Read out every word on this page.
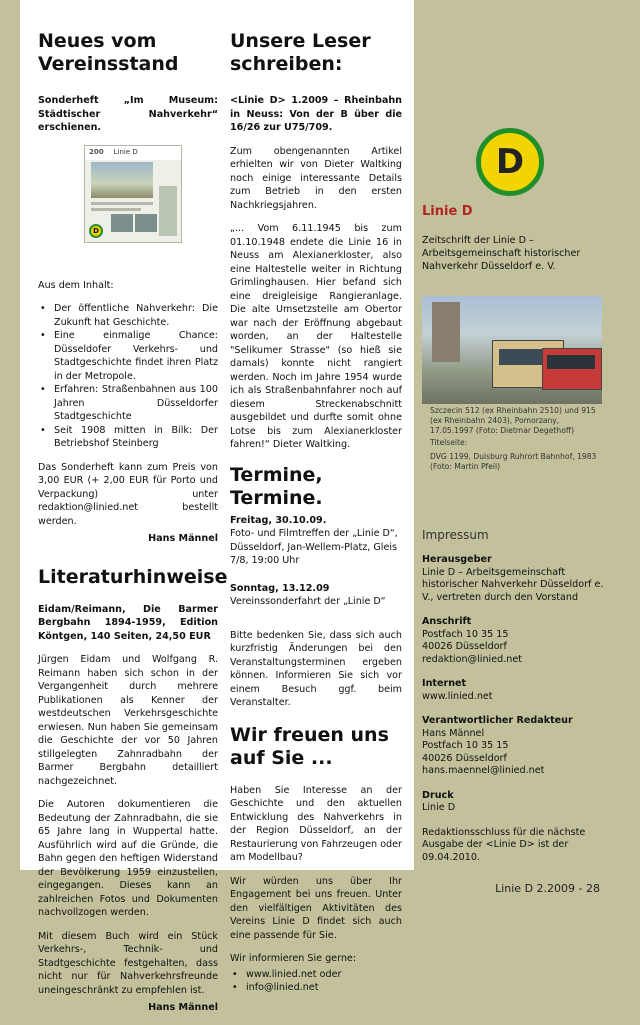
Neues vom Vereinsstand

Sonderheft „Im Museum: Städtischer Nahverkehr“ erschienen.

200 Linie D
D

Aus dem Inhalt:

• Der öffentliche Nahverkehr: Die Zukunft hat Geschichte.
• Eine einmalige Chance: Düsseldofer Verkehrs- und Stadtgeschichte findet ihren Platz in der Metropole.
• Erfahren: Straßenbahnen aus 100 Jahren Düsseldorfer Stadtgeschichte
• Seit 1908 mitten in Bilk: Der Betriebshof Steinberg

Das Sonderheft kann zum Preis von 3,00 EUR (+ 2,00 EUR für Porto und Verpackung) unter redaktion@linied.net bestellt werden.

Hans Männel

Literaturhinweise

Eidam/Reimann, Die Barmer Bergbahn 1894-1959, Edition Köntgen, 140 Seiten, 24,50 EUR

Jürgen Eidam und Wolfgang R. Reimann haben sich schon in der Vergangenheit durch mehrere Publikationen als Kenner der westdeutschen Verkehrsgeschichte erwiesen. Nun haben Sie gemeinsam die Geschichte der vor 50 Jahren stillgelegten Zahnradbahn der Barmer Bergbahn detailliert nachgezeichnet.

Die Autoren dokumentieren die Bedeutung der Zahnradbahn, die sie 65 Jahre lang in Wuppertal hatte. Ausführlich wird auf die Gründe, die Bahn gegen den heftigen Widerstand der Bevölkerung 1959 einzustellen, eingegangen. Dieses kann an zahlreichen Fotos und Dokumenten nachvollzogen werden.

Mit diesem Buch wird ein Stück Verkehrs-, Technik- und Stadtgeschichte festgehalten, dass nicht nur für Nahverkehrsfreunde uneingeschränkt zu empfehlen ist.

Hans Männel

Unsere Leser schreiben:

<Linie D> 1.2009 – Rheinbahn in Neuss: Von der B über die 16/26 zur U75/709.

Zum obengenannten Artikel erhielten wir von Dieter Waltking noch einige interessante Details zum Betrieb in den ersten Nachkriegsjahren.

„... Vom 6.11.1945 bis zum 01.10.1948 endete die Linie 16 in Neuss am Alexianerkloster, also eine Haltestelle weiter in Richtung Grimlinghausen. Hier befand sich eine dreigleisige Rangieranlage. Die alte Umsetzstelle am Obertor war nach der Eröffnung abgebaut worden, an der Haltestelle "Selikumer Strasse" (so hieß sie damals) konnte nicht rangiert werden. Noch im Jahre 1954 wurde ich als Straßenbahnfahrer noch auf diesem Streckenabschnitt ausgebildet und durfte somit ohne Lotse bis zum Alexianerkloster fahren!“ Dieter Waltking.

Termine, Termine.

Freitag, 30.10.09.
Foto- und Filmtreffen der „Linie D“, Düsseldorf, Jan-Wellem-Platz, Gleis 7/8, 19:00 Uhr

Sonntag, 13.12.09
Vereinssonderfahrt der „Linie D“

Bitte bedenken Sie, dass sich auch kurzfristig Änderungen bei den Veranstaltungsterminen ergeben können. Informieren Sie sich vor einem Besuch ggf. beim Veranstalter.

Wir freuen uns auf Sie ...

Haben Sie Interesse an der Geschichte und den aktuellen Entwicklung des Nahverkehrs in der Region Düsseldorf, an der Restaurierung von Fahrzeugen oder am Modellbau?

Wir würden uns über Ihr Engagement bei uns freuen. Unter den vielfältigen Aktivitäten des Vereins Linie D findet sich auch eine passende für Sie.

Wir informieren Sie gerne:

• www.linied.net oder
• info@linied.net
D
Linie D
Zeitschrift der Linie D – Arbeitsgemeinschaft historischer Nahverkehr Düsseldorf e. V.
Szczecin 512 (ex Rheinbahn 2510) und 915 (ex Rheinbahn 2403), Pomorzany, 17.05.1997 (Foto: Dietmar Degethoff)
Titelseite:
DVG 1199, Duisburg Ruhrort Bahnhof, 1983 (Foto: Martin Pfeil)
Impressum
Herausgeber
Linie D – Arbeitsgemeinschaft historischer Nahverkehr Düsseldorf e. V., vertreten durch den Vorstand
Anschrift
Postfach 10 35 15
40026 Düsseldorf
redaktion@linied.net
Internet
www.linied.net
Verantwortlicher Redakteur
Hans Männel
Postfach 10 35 15
40026 Düsseldorf
hans.maennel@linied.net
Druck
Linie D
Redaktionsschluss für die nächste Ausgabe der <Linie D> ist der 09.04.2010.
Linie D 2.2009 - 28
